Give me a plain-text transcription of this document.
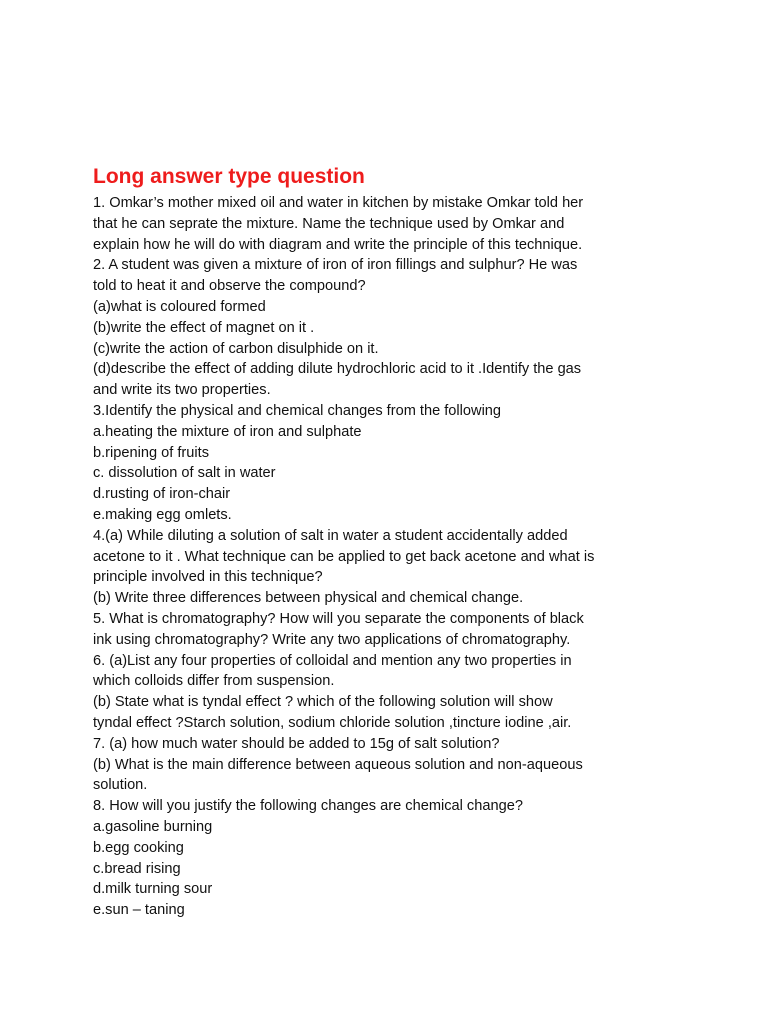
Long answer type question
1. Omkar’s mother mixed oil and water in kitchen by mistake Omkar told her
that he can seprate the mixture. Name the technique used by Omkar and
explain how he will do with diagram and write the principle of this technique.
2. A student was given a mixture of iron of iron fillings and sulphur? He was
told to heat it and observe the compound?
(a)what is coloured formed
(b)write the effect of magnet on it .
(c)write the action of carbon disulphide on it.
(d)describe the effect of adding dilute hydrochloric acid to it .Identify the gas
and write its two properties.
3.Identify the physical and chemical changes from the following
a.heating the mixture of iron and sulphate
b.ripening of fruits
c. dissolution of salt in water
d.rusting of iron-chair
e.making egg omlets.
4.(a) While diluting a solution of salt in water a student accidentally added
acetone to it . What technique can be applied to get back acetone and what is
principle involved in this technique?
(b) Write three differences between physical and chemical change.
5. What is chromatography? How will you separate the components of black
ink using chromatography? Write any two applications of chromatography.
6. (a)List any four properties of colloidal and mention any two properties in
which colloids differ from suspension.
(b) State what is tyndal effect ? which of the following solution will show
tyndal effect ?Starch solution, sodium chloride solution ,tincture iodine ,air.
7. (a) how much water should be added to 15g of salt solution?
(b) What is the main difference between aqueous solution and non-aqueous
solution.
8. How will you justify the following changes are chemical change?
a.gasoline burning
b.egg cooking
c.bread rising
d.milk turning sour
e.sun – taning
